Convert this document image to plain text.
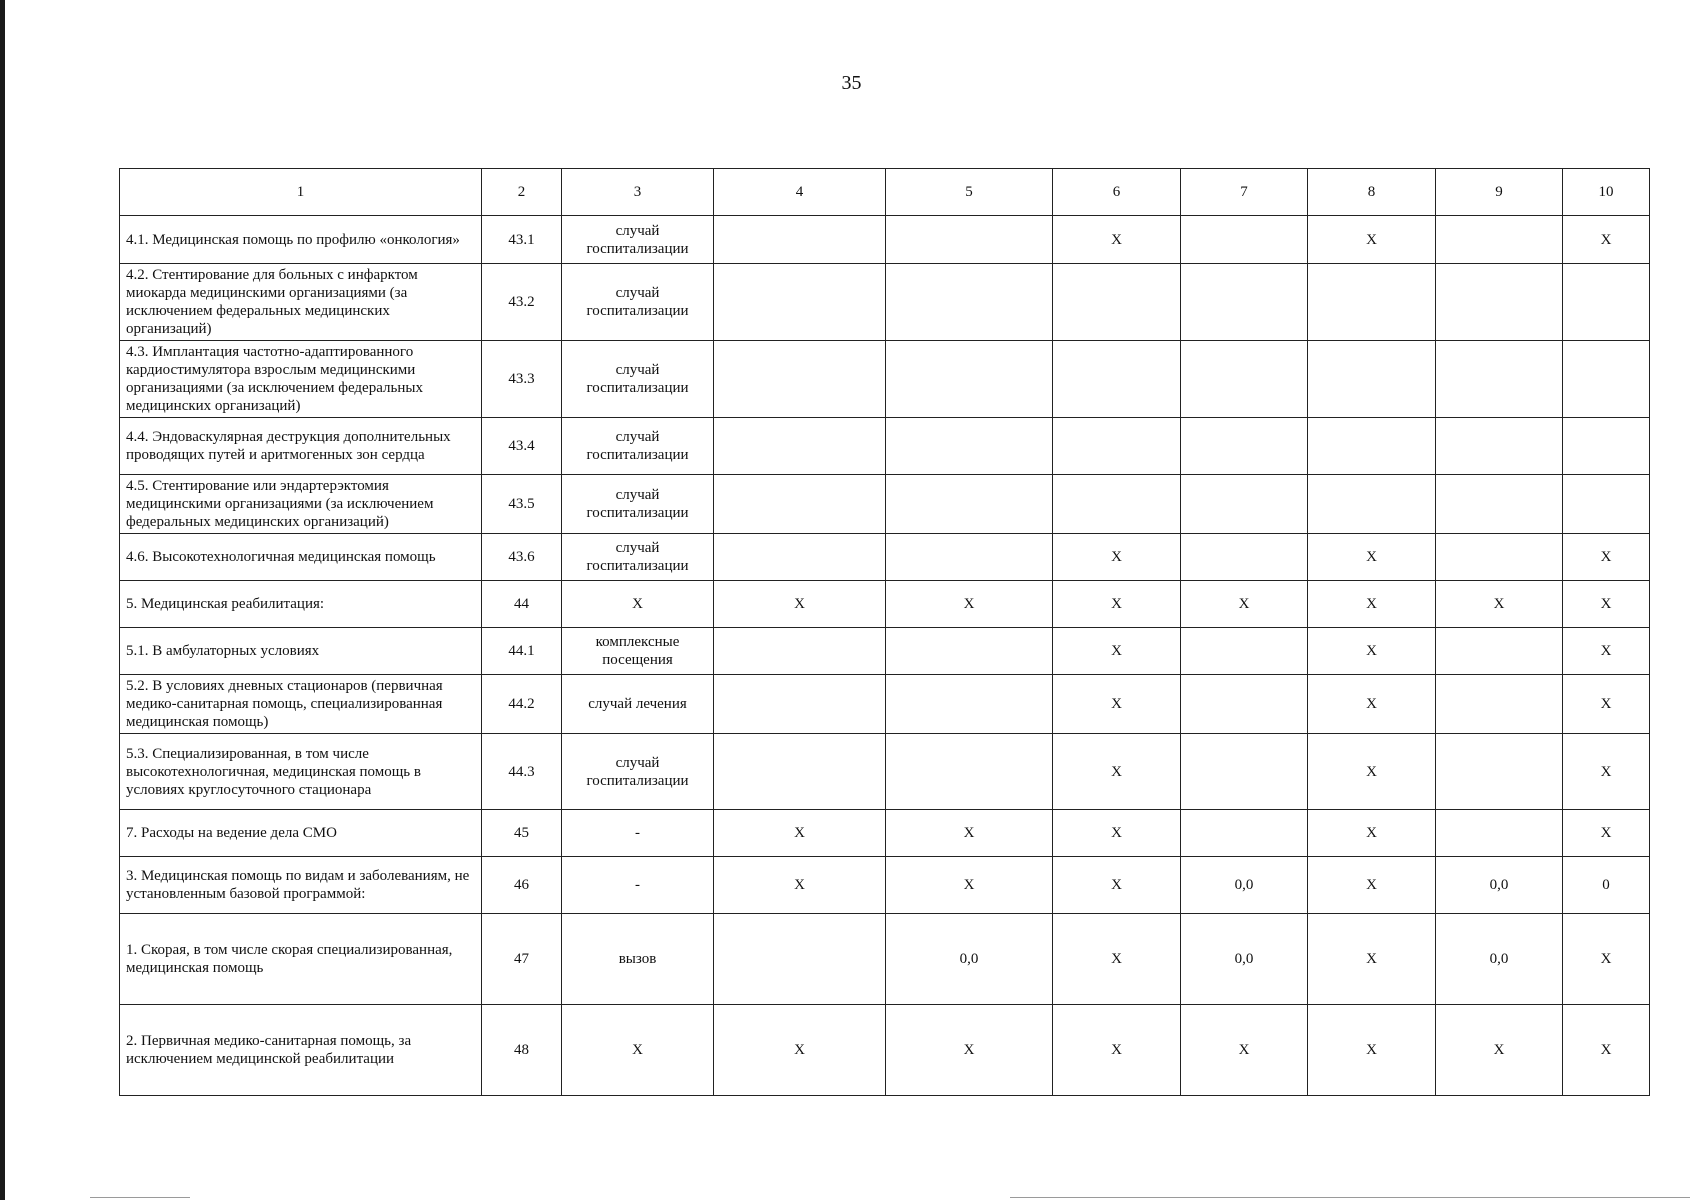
35
1	2	3	4	5	6	7	8	9	10
4.1. Медицинская помощь по профилю «онкология»	43.1	случай госпитализации			Х		Х		Х
4.2. Стентирование для больных с инфарктом миокарда медицинскими организациями (за исключением федеральных медицинских организаций)	43.2	случай госпитализации							
4.3. Имплантация частотно-адаптированного кардиостимулятора взрослым медицинскими организациями (за исключением федеральных медицинских организаций)	43.3	случай госпитализации							
4.4. Эндоваскулярная деструкция дополнительных проводящих путей и аритмогенных зон сердца	43.4	случай госпитализации							
4.5. Стентирование или эндартерэктомия медицинскими организациями (за исключением федеральных медицинских организаций)	43.5	случай госпитализации							
4.6. Высокотехнологичная медицинская помощь	43.6	случай госпитализации			Х		Х		Х
5. Медицинская реабилитация:	44	Х	Х	Х	Х	Х	Х	Х	Х
5.1. В амбулаторных условиях	44.1	комплексные посещения			Х		Х		Х
5.2. В условиях дневных стационаров (первичная медико-санитарная помощь, специализированная медицинская помощь)	44.2	случай лечения			Х		Х		Х
5.3. Специализированная, в том числе высокотехнологичная, медицинская помощь в условиях круглосуточного стационара	44.3	случай госпитализации			Х		Х		Х
7. Расходы на ведение дела СМО	45	-	Х	Х	Х		Х		Х
3. Медицинская помощь по видам и заболеваниям, не установленным базовой программой:	46	-	Х	Х	Х	0,0	Х	0,0	0
1. Скорая, в том числе скорая специализированная, медицинская помощь	47	вызов		0,0	Х	0,0	Х	0,0	Х
2. Первичная медико-санитарная помощь, за исключением медицинской реабилитации	48	Х	Х	Х	Х	Х	Х	Х	Х
